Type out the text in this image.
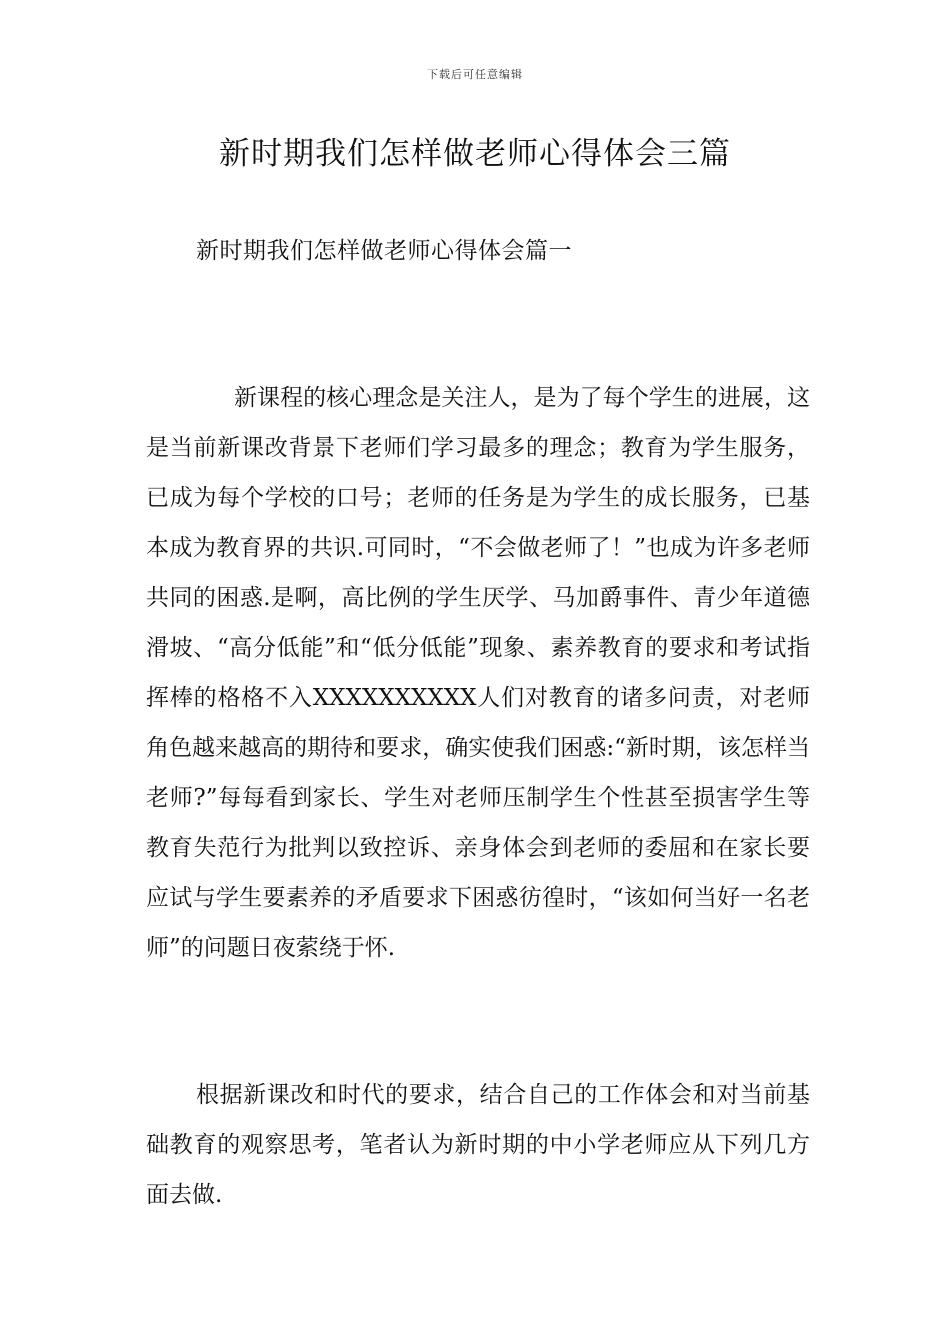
下载后可任意编辑
新时期我们怎样做老师心得体会三篇
新时期我们怎样做老师心得体会篇一

新课程的核心理念是关注人，是为了每个学生的进展，这是当前新课改背景下老师们学习最多的理念；教育为学生服务，已成为每个学校的口号；老师的任务是为学生的成长服务，已基本成为教育界的共识.可同时，“不会做老师了！”也成为许多老师共同的困惑.是啊，高比例的学生厌学、马加爵事件、青少年道德滑坡、“高分低能”和“低分低能”现象、素养教育的要求和考试指挥棒的格格不入XXXXXXXXXX人们对教育的诸多问责，对老师角色越来越高的期待和要求，确实使我们困惑:“新时期，该怎样当老师?”每每看到家长、学生对老师压制学生个性甚至损害学生等教育失范行为批判以致控诉、亲身体会到老师的委屈和在家长要应试与学生要素养的矛盾要求下困惑彷徨时，“该如何当好一名老师”的问题日夜萦绕于怀.

根据新课改和时代的要求，结合自己的工作体会和对当前基础教育的观察思考，笔者认为新时期的中小学老师应从下列几方面去做.
